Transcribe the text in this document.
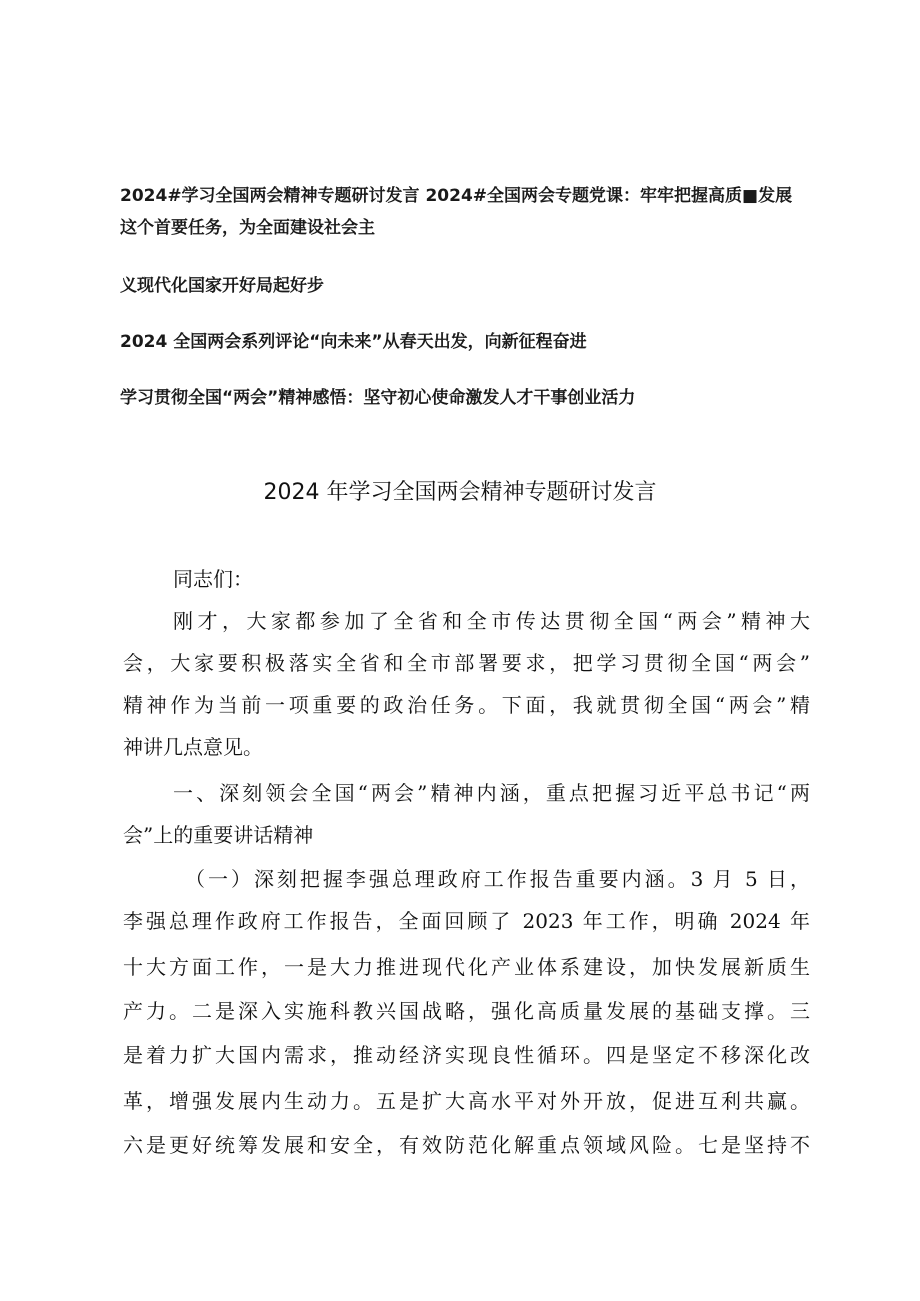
2024#学习全国两会精神专题研讨发言 2024#全国两会专题党课：牢牢把握高质■发展
这个首要任务，为全面建设社会主
义现代化国家开好局起好步
2024 全国两会系列评论“向未来”从春天出发，向新征程奋进
学习贯彻全国“两会”精神感悟：坚守初心使命激发人才干事创业活力
2024 年学习全国两会精神专题研讨发言
同志们：
刚才，大家都参加了全省和全市传达贯彻全国“两会”精神大
会，大家要积极落实全省和全市部署要求，把学习贯彻全国“两会”
精神作为当前一项重要的政治任务。下面，我就贯彻全国“两会”精
神讲几点意见。
一、深刻领会全国“两会”精神内涵，重点把握习近平总书记“两
会”上的重要讲话精神
（一）深刻把握李强总理政府工作报告重要内涵。3 月 5 日，
李强总理作政府工作报告，全面回顾了 2023 年工作，明确 2024 年
十大方面工作，一是大力推进现代化产业体系建设，加快发展新质生
产力。二是深入实施科教兴国战略，强化高质量发展的基础支撑。三
是着力扩大国内需求，推动经济实现良性循环。四是坚定不移深化改
革，增强发展内生动力。五是扩大高水平对外开放，促进互利共赢。
六是更好统筹发展和安全，有效防范化解重点领域风险。七是坚持不
